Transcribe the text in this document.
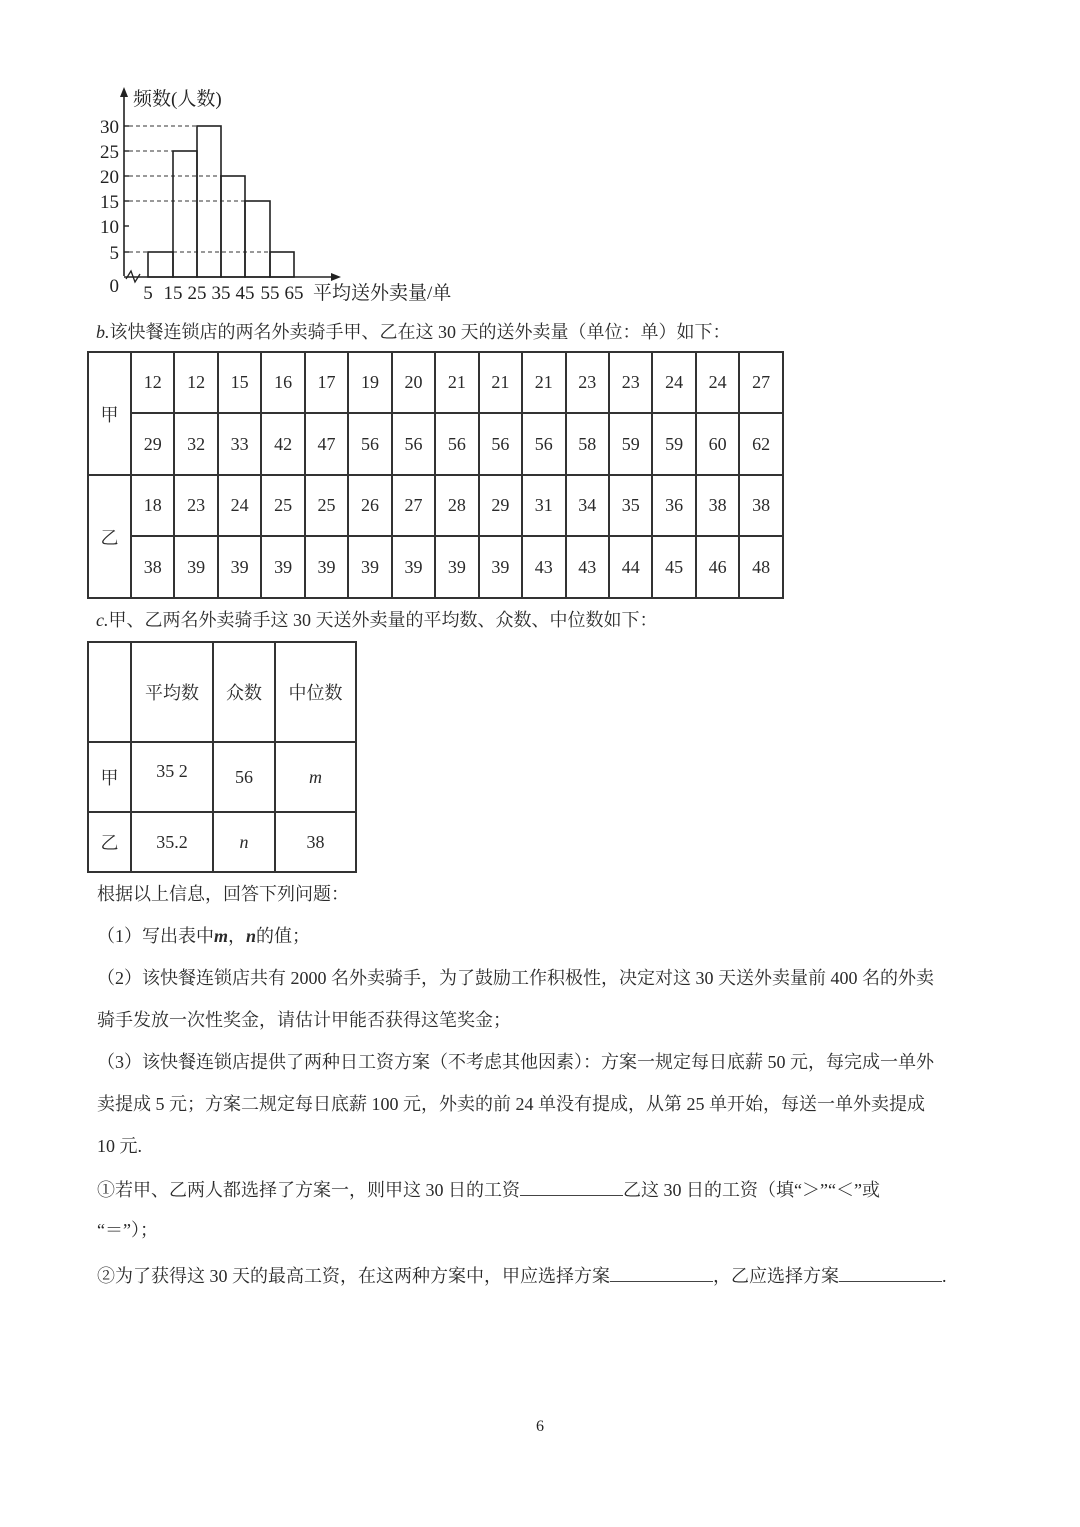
30
25
20
15
10
5
0 5 15 25 35 45 55 65 平均送外卖量/单
频数(人数)
b.该快餐连锁店的两名外卖骑手甲、乙在这 30 天的送外卖量（单位：单）如下：
甲	12	12	15	16	17	19	20	21	21	21	23	23	24	24	27
	29	32	33	42	47	56	56	56	56	56	58	59	59	60	62
乙	18	23	24	25	25	26	27	28	29	31	34	35	36	38	38
	38	39	39	39	39	39	39	39	39	43	43	44	45	46	48
c.甲、乙两名外卖骑手这 30 天送外卖量的平均数、众数、中位数如下：
	平均数	众数	中位数
甲	35 2	56	m
乙	35.2	n	38
根据以上信息，回答下列问题：
（1）写出表中m，n的值；
（2）该快餐连锁店共有 2000 名外卖骑手，为了鼓励工作积极性，决定对这 30 天送外卖量前 400 名的外卖
骑手发放一次性奖金，请估计甲能否获得这笔奖金；
（3）该快餐连锁店提供了两种日工资方案（不考虑其他因素）：方案一规定每日底薪 50 元，每完成一单外
卖提成 5 元；方案二规定每日底薪 100 元，外卖的前 24 单没有提成，从第 25 单开始，每送一单外卖提成
10 元.
①若甲、乙两人都选择了方案一，则甲这 30 日的工资	乙这 30 日的工资（填“＞”“＜”或
“＝”）；
②为了获得这 30 天的最高工资，在这两种方案中，甲应选择方案	，乙应选择方案	.
6
